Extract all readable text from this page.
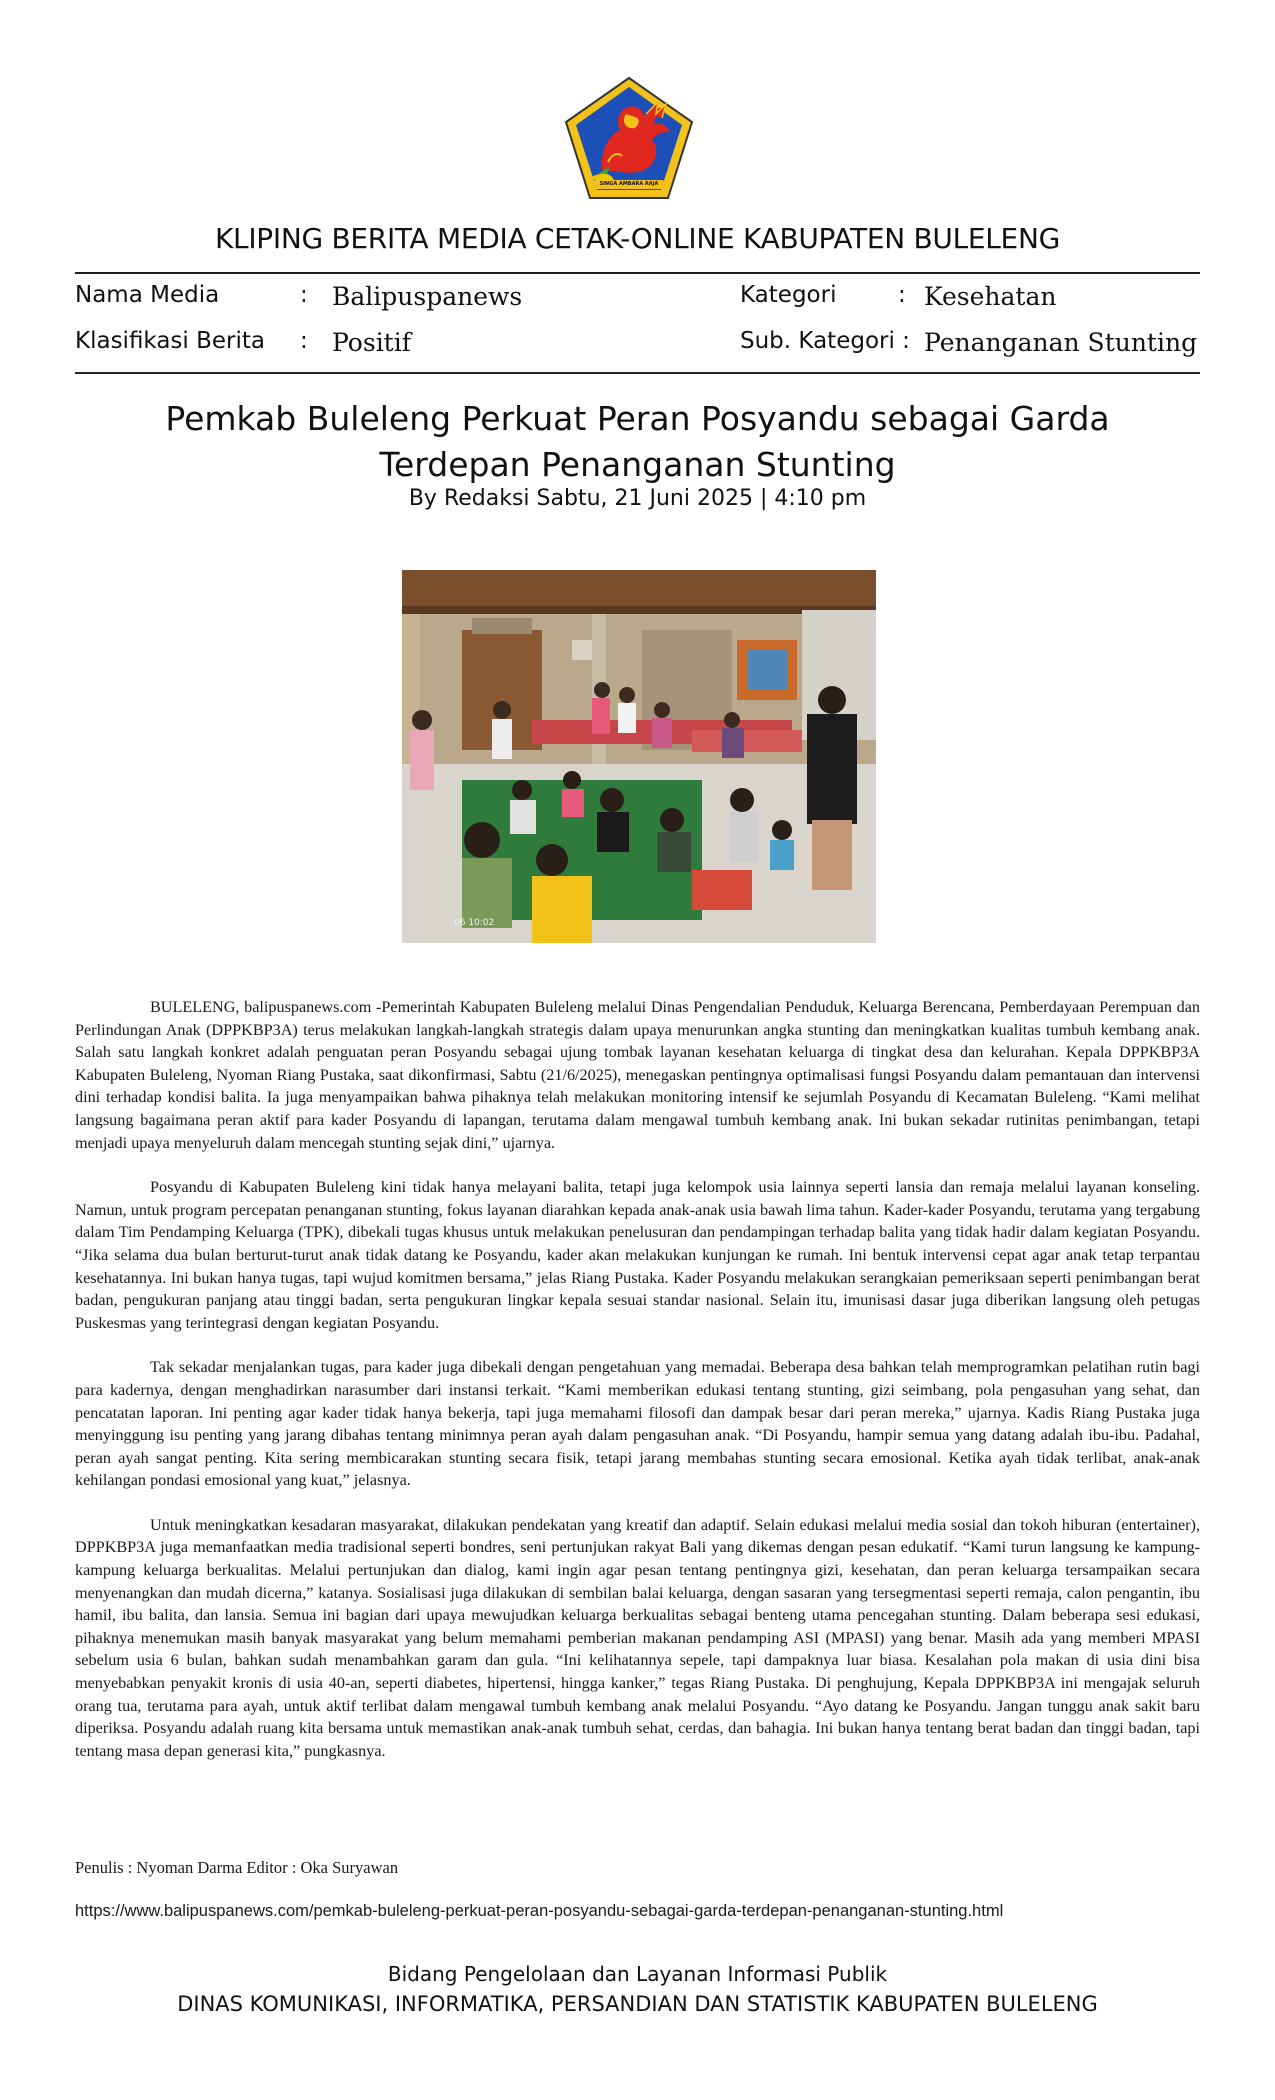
SINGA AMBARA RAJA
KLIPING BERITA MEDIA CETAK-ONLINE KABUPATEN BULELENG
Nama Media	: Balipuspanews	Kategori	: Kesehatan
Klasifikasi Berita : Positif	Sub. Kategori : Penanganan Stunting
Pemkab Buleleng Perkuat Peran Posyandu sebagai Garda Terdepan Penanganan Stunting
By Redaksi Sabtu, 21 Juni 2025 | 4:10 pm
06 10:02

BULELENG, balipuspanews.com -Pemerintah Kabupaten Buleleng melalui Dinas Pengendalian Penduduk, Keluarga Berencana, Pemberdayaan Perempuan dan Perlindungan Anak (DPPKBP3A) terus melakukan langkah-langkah strategis dalam upaya menurunkan angka stunting dan meningkatkan kualitas tumbuh kembang anak. Salah satu langkah konkret adalah penguatan peran Posyandu sebagai ujung tombak layanan kesehatan keluarga di tingkat desa dan kelurahan. Kepala DPPKBP3A Kabupaten Buleleng, Nyoman Riang Pustaka, saat dikonfirmasi, Sabtu (21/6/2025), menegaskan pentingnya optimalisasi fungsi Posyandu dalam pemantauan dan intervensi dini terhadap kondisi balita. Ia juga menyampaikan bahwa pihaknya telah melakukan monitoring intensif ke sejumlah Posyandu di Kecamatan Buleleng. “Kami melihat langsung bagaimana peran aktif para kader Posyandu di lapangan, terutama dalam mengawal tumbuh kembang anak. Ini bukan sekadar rutinitas penimbangan, tetapi menjadi upaya menyeluruh dalam mencegah stunting sejak dini,” ujarnya.

Posyandu di Kabupaten Buleleng kini tidak hanya melayani balita, tetapi juga kelompok usia lainnya seperti lansia dan remaja melalui layanan konseling. Namun, untuk program percepatan penanganan stunting, fokus layanan diarahkan kepada anak-anak usia bawah lima tahun. Kader-kader Posyandu, terutama yang tergabung dalam Tim Pendamping Keluarga (TPK), dibekali tugas khusus untuk melakukan penelusuran dan pendampingan terhadap balita yang tidak hadir dalam kegiatan Posyandu. “Jika selama dua bulan berturut-turut anak tidak datang ke Posyandu, kader akan melakukan kunjungan ke rumah. Ini bentuk intervensi cepat agar anak tetap terpantau kesehatannya. Ini bukan hanya tugas, tapi wujud komitmen bersama,” jelas Riang Pustaka. Kader Posyandu melakukan serangkaian pemeriksaan seperti penimbangan berat badan, pengukuran panjang atau tinggi badan, serta pengukuran lingkar kepala sesuai standar nasional. Selain itu, imunisasi dasar juga diberikan langsung oleh petugas Puskesmas yang terintegrasi dengan kegiatan Posyandu.

Tak sekadar menjalankan tugas, para kader juga dibekali dengan pengetahuan yang memadai. Beberapa desa bahkan telah memprogramkan pelatihan rutin bagi para kadernya, dengan menghadirkan narasumber dari instansi terkait. “Kami memberikan edukasi tentang stunting, gizi seimbang, pola pengasuhan yang sehat, dan pencatatan laporan. Ini penting agar kader tidak hanya bekerja, tapi juga memahami filosofi dan dampak besar dari peran mereka,” ujarnya. Kadis Riang Pustaka juga menyinggung isu penting yang jarang dibahas tentang minimnya peran ayah dalam pengasuhan anak. “Di Posyandu, hampir semua yang datang adalah ibu-ibu. Padahal, peran ayah sangat penting. Kita sering membicarakan stunting secara fisik, tetapi jarang membahas stunting secara emosional. Ketika ayah tidak terlibat, anak-anak kehilangan pondasi emosional yang kuat,” jelasnya.

Untuk meningkatkan kesadaran masyarakat, dilakukan pendekatan yang kreatif dan adaptif. Selain edukasi melalui media sosial dan tokoh hiburan (entertainer), DPPKBP3A juga memanfaatkan media tradisional seperti bondres, seni pertunjukan rakyat Bali yang dikemas dengan pesan edukatif. “Kami turun langsung ke kampung-kampung keluarga berkualitas. Melalui pertunjukan dan dialog, kami ingin agar pesan tentang pentingnya gizi, kesehatan, dan peran keluarga tersampaikan secara menyenangkan dan mudah dicerna,” katanya. Sosialisasi juga dilakukan di sembilan balai keluarga, dengan sasaran yang tersegmentasi seperti remaja, calon pengantin, ibu hamil, ibu balita, dan lansia. Semua ini bagian dari upaya mewujudkan keluarga berkualitas sebagai benteng utama pencegahan stunting. Dalam beberapa sesi edukasi, pihaknya menemukan masih banyak masyarakat yang belum memahami pemberian makanan pendamping ASI (MPASI) yang benar. Masih ada yang memberi MPASI sebelum usia 6 bulan, bahkan sudah menambahkan garam dan gula. “Ini kelihatannya sepele, tapi dampaknya luar biasa. Kesalahan pola makan di usia dini bisa menyebabkan penyakit kronis di usia 40-an, seperti diabetes, hipertensi, hingga kanker,” tegas Riang Pustaka. Di penghujung, Kepala DPPKBP3A ini mengajak seluruh orang tua, terutama para ayah, untuk aktif terlibat dalam mengawal tumbuh kembang anak melalui Posyandu. “Ayo datang ke Posyandu. Jangan tunggu anak sakit baru diperiksa. Posyandu adalah ruang kita bersama untuk memastikan anak-anak tumbuh sehat, cerdas, dan bahagia. Ini bukan hanya tentang berat badan dan tinggi badan, tapi tentang masa depan generasi kita,” pungkasnya.

Penulis : Nyoman Darma Editor : Oka Suryawan
https://www.balipuspanews.com/pemkab-buleleng-perkuat-peran-posyandu-sebagai-garda-terdepan-penanganan-stunting.html
Bidang Pengelolaan dan Layanan Informasi Publik
DINAS KOMUNIKASI, INFORMATIKA, PERSANDIAN DAN STATISTIK KABUPATEN BULELENG
